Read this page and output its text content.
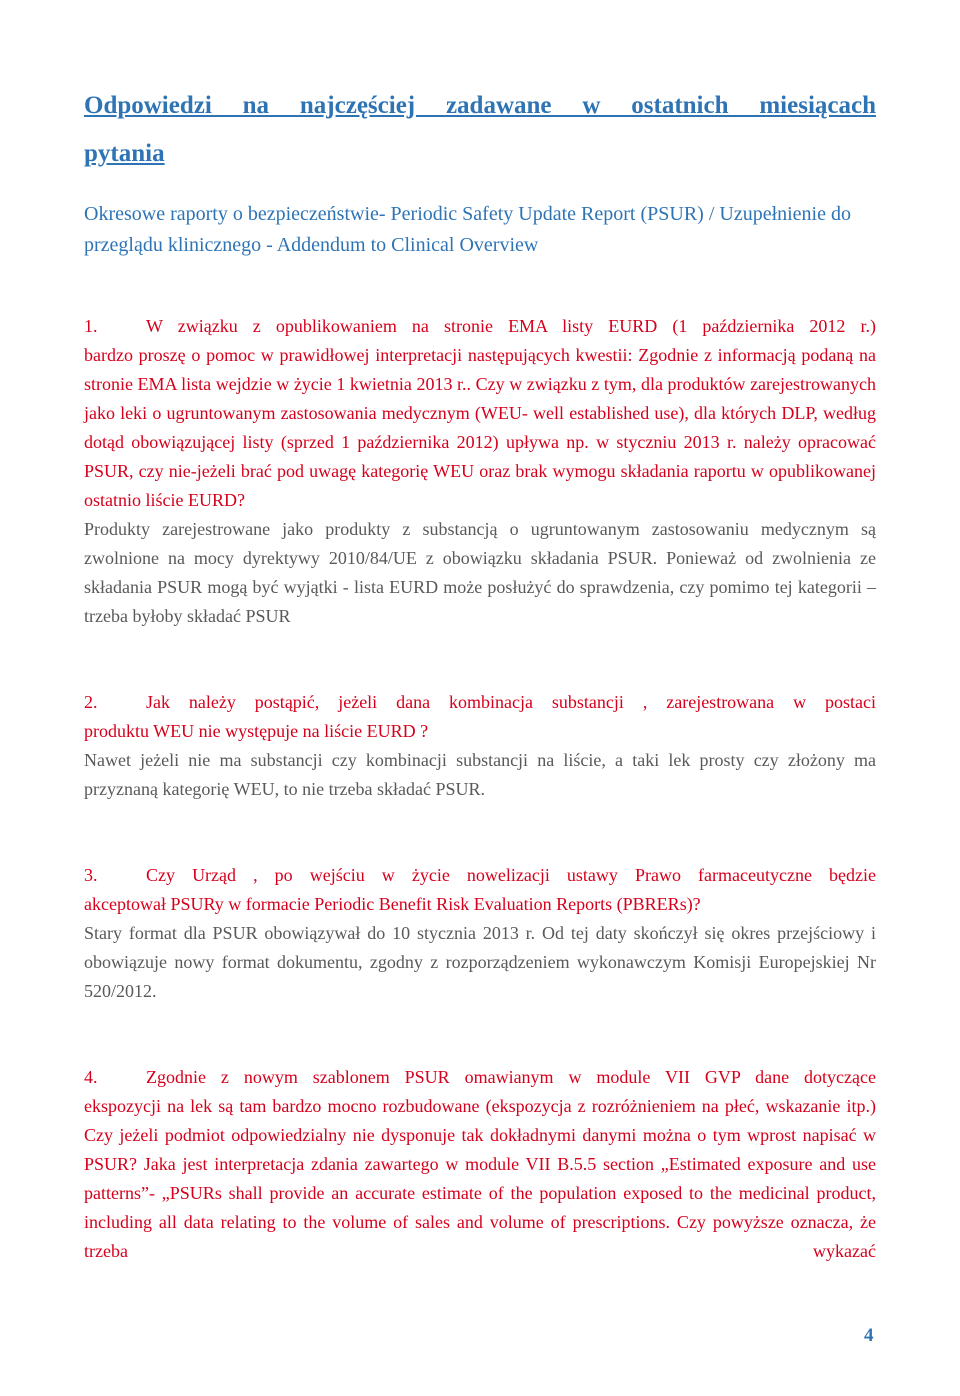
Odpowiedzi na najczęściej zadawane w ostatnich miesiącach
pytania

Okresowe raporty o bezpieczeństwie- Periodic Safety Update Report (PSUR) / Uzupełnienie do przeglądu klinicznego - Addendum to Clinical Overview

1.	W związku z opublikowaniem na stronie EMA listy EURD (1 października 2012 r.)

bardzo proszę o pomoc w prawidłowej interpretacji następujących kwestii: Zgodnie z informacją podaną na stronie EMA lista wejdzie w życie 1 kwietnia 2013 r.. Czy w związku z tym, dla produktów zarejestrowanych jako leki o ugruntowanym zastosowania medycznym (WEU- well established use), dla których DLP, według dotąd obowiązującej listy (sprzed 1 października 2012) upływa np. w styczniu 2013 r. należy opracować PSUR, czy nie-jeżeli brać pod uwagę kategorię WEU oraz brak wymogu składania raportu w opublikowanej ostatnio liście EURD?

Produkty zarejestrowane jako produkty z substancją o ugruntowanym zastosowaniu medycznym są zwolnione na mocy dyrektywy 2010/84/UE z obowiązku składania PSUR. Ponieważ od zwolnienia ze składania PSUR mogą być wyjątki - lista EURD może posłużyć do sprawdzenia, czy pomimo tej kategorii – trzeba byłoby składać PSUR

2.	Jak należy postąpić, jeżeli dana kombinacja substancji , zarejestrowana w postaci

produktu WEU nie występuje na liście EURD ?

Nawet jeżeli nie ma substancji czy kombinacji substancji na liście, a taki lek prosty czy złożony ma przyznaną kategorię WEU, to nie trzeba składać PSUR.

3.	Czy Urząd , po wejściu w życie nowelizacji ustawy Prawo farmaceutyczne będzie

akceptował PSURy w formacie Periodic Benefit Risk Evaluation Reports (PBRERs)?

Stary format dla PSUR obowiązywał do 10 stycznia 2013 r. Od tej daty skończył się okres przejściowy i obowiązuje nowy format dokumentu, zgodny z rozporządzeniem wykonawczym Komisji Europejskiej Nr 520/2012.

4.	Zgodnie z nowym szablonem PSUR omawianym w module VII GVP dane dotyczące

ekspozycji na lek są tam bardzo mocno rozbudowane (ekspozycja z rozróżnieniem na płeć, wskazanie itp.) Czy jeżeli podmiot odpowiedzialny nie dysponuje tak dokładnymi danymi można o tym wprost napisać w PSUR? Jaka jest interpretacja zdania zawartego w module VII B.5.5 section „Estimated exposure and use patterns”- „PSURs shall provide an accurate estimate of the population exposed to the medicinal product, including all data relating to the volume of sales and volume of prescriptions. Czy powyższe oznacza, że trzeba wykazać

4
